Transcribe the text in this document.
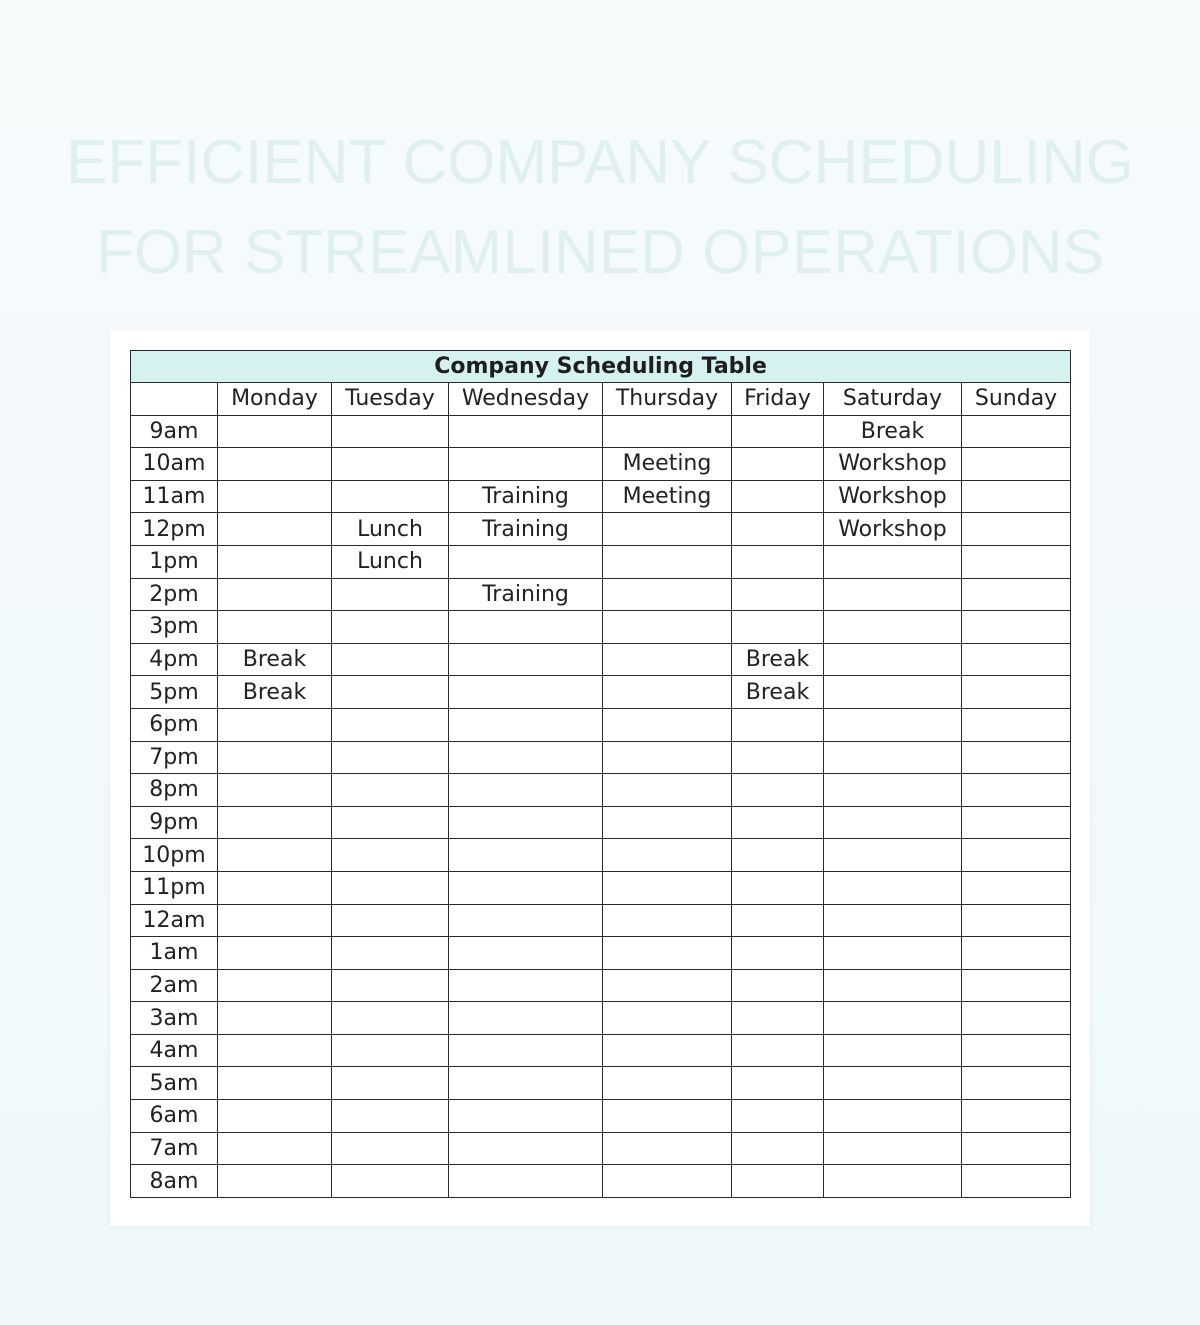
EFFICIENT COMPANY SCHEDULING
FOR STREAMLINED OPERATIONS
Company Scheduling Table							
	Monday	Tuesday	Wednesday	Thursday	Friday	Saturday	Sunday
9am						Break	
10am				Meeting		Workshop	
11am			Training	Meeting		Workshop	
12pm		Lunch	Training			Workshop	
1pm		Lunch					
2pm			Training				
3pm							
4pm	Break				Break		
5pm	Break				Break		
6pm							
7pm							
8pm							
9pm							
10pm							
11pm							
12am							
1am							
2am							
3am							
4am							
5am							
6am							
7am							
8am							
